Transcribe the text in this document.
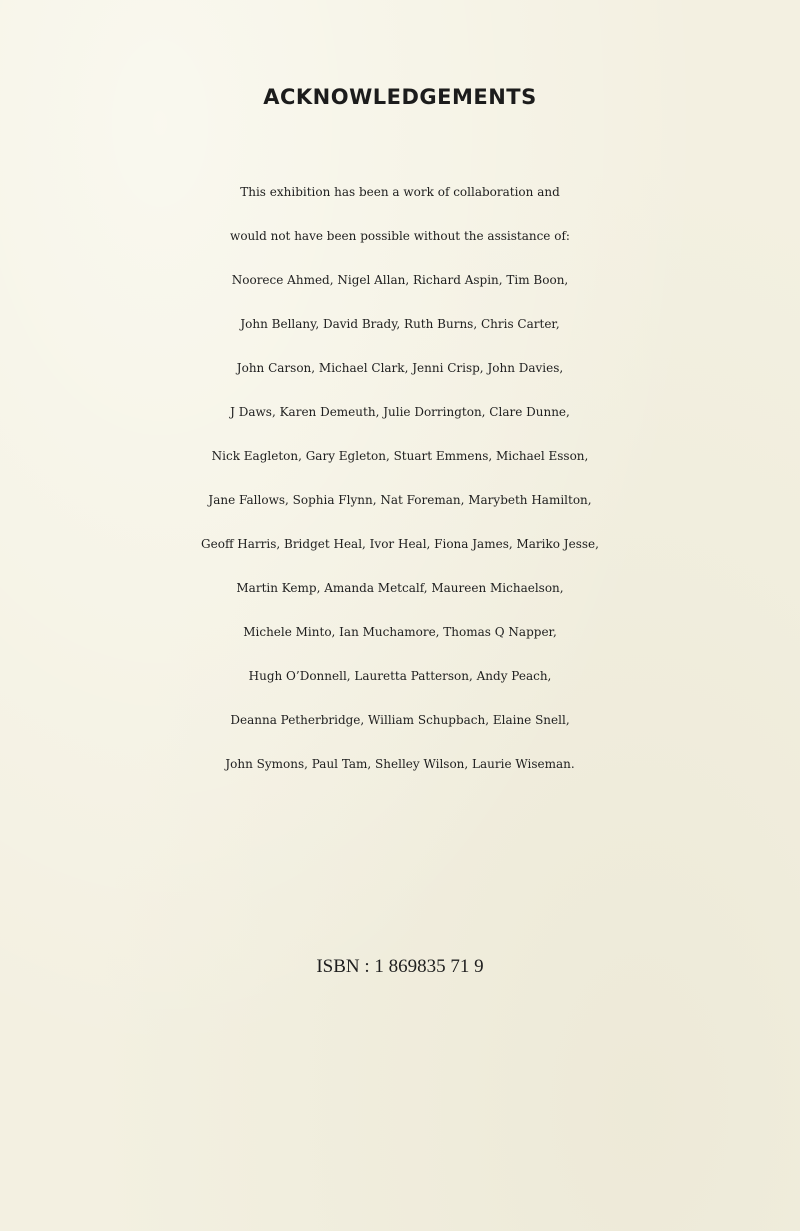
ACKNOWLEDGEMENTS
This exhibition has been a work of collaboration and
would not have been possible without the assistance of:
Noorece Ahmed, Nigel Allan, Richard Aspin, Tim Boon,
John Bellany, David Brady, Ruth Burns, Chris Carter,
John Carson, Michael Clark, Jenni Crisp, John Davies,
J Daws, Karen Demeuth, Julie Dorrington, Clare Dunne,
Nick Eagleton, Gary Egleton, Stuart Emmens, Michael Esson,
Jane Fallows, Sophia Flynn, Nat Foreman, Marybeth Hamilton,
Geoff Harris, Bridget Heal, Ivor Heal, Fiona James, Mariko Jesse,
Martin Kemp, Amanda Metcalf, Maureen Michaelson,
Michele Minto, Ian Muchamore, Thomas Q Napper,
Hugh O’Donnell, Lauretta Patterson, Andy Peach,
Deanna Petherbridge, William Schupbach, Elaine Snell,
John Symons, Paul Tam, Shelley Wilson, Laurie Wiseman.
ISBN : 1 869835 71 9
